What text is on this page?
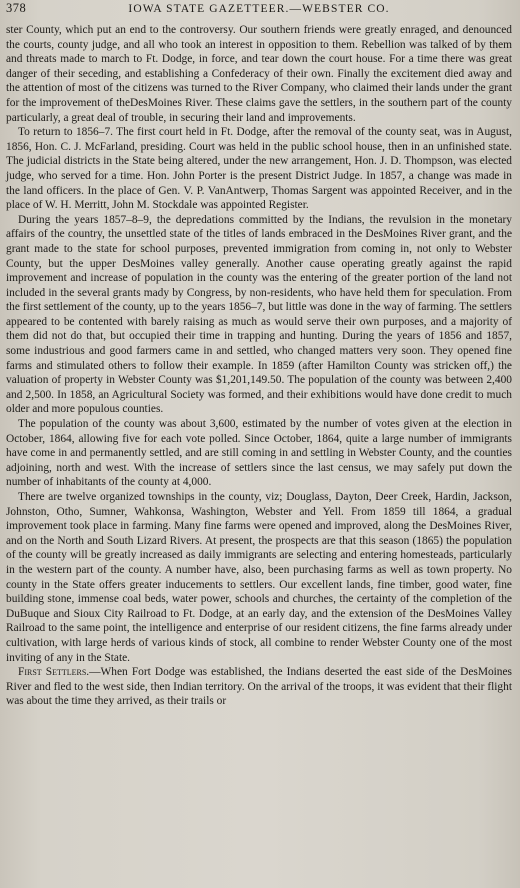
378	IOWA STATE GAZETTEER.—WEBSTER CO.

ster County, which put an end to the controversy. Our southern friends were greatly enraged, and denounced the courts, county judge, and all who took an interest in opposition to them. Rebellion was talked of by them and threats made to march to Ft. Dodge, in force, and tear down the court house. For a time there was great danger of their seceding, and establishing a Confederacy of their own. Finally the excitement died away and the attention of most of the citizens was turned to the River Company, who claimed their lands under the grant for the improvement of theDesMoines River. These claims gave the settlers, in the southern part of the county particularly, a great deal of trouble, in securing their land and improvements.

To return to 1856–7. The first court held in Ft. Dodge, after the removal of the county seat, was in August, 1856, Hon. C. J. McFarland, presiding. Court was held in the public school house, then in an unfinished state. The judicial districts in the State being altered, under the new arrangement, Hon. J. D. Thompson, was elected judge, who served for a time. Hon. John Porter is the present District Judge. In 1857, a change was made in the land officers. In the place of Gen. V. P. VanAntwerp, Thomas Sargent was appointed Receiver, and in the place of W. H. Merritt, John M. Stockdale was appointed Register.

During the years 1857–8–9, the depredations committed by the Indians, the revulsion in the monetary affairs of the country, the unsettled state of the titles of lands embraced in the DesMoines River grant, and the grant made to the state for school purposes, prevented immigration from coming in, not only to Webster County, but the upper DesMoines valley generally. Another cause operating greatly against the rapid improvement and increase of population in the county was the entering of the greater portion of the land not included in the several grants mady by Congress, by non-residents, who have held them for speculation. From the first settlement of the county, up to the years 1856–7, but little was done in the way of farming. The settlers appeared to be contented with barely raising as much as would serve their own purposes, and a majority of them did not do that, but occupied their time in trapping and hunting. During the years of 1856 and 1857, some industrious and good farmers came in and settled, who changed matters very soon. They opened fine farms and stimulated others to follow their example. In 1859 (after Hamilton County was stricken off,) the valuation of property in Webster County was $1,201,149.50. The population of the county was between 2,400 and 2,500. In 1858, an Agricultural Society was formed, and their exhibitions would have done credit to much older and more populous counties.

The population of the county was about 3,600, estimated by the number of votes given at the election in October, 1864, allowing five for each vote polled. Since October, 1864, quite a large number of immigrants have come in and permanently settled, and are still coming in and settling in Webster County, and the counties adjoining, north and west. With the increase of settlers since the last census, we may safely put down the number of inhabitants of the county at 4,000.

There are twelve organized townships in the county, viz; Douglass, Dayton, Deer Creek, Hardin, Jackson, Johnston, Otho, Sumner, Wahkonsa, Washington, Webster and Yell. From 1859 till 1864, a gradual improvement took place in farming. Many fine farms were opened and improved, along the DesMoines River, and on the North and South Lizard Rivers. At present, the prospects are that this season (1865) the population of the county will be greatly increased as daily immigrants are selecting and entering homesteads, particularly in the western part of the county. A number have, also, been purchasing farms as well as town property. No county in the State offers greater inducements to settlers. Our excellent lands, fine timber, good water, fine building stone, immense coal beds, water power, schools and churches, the certainty of the completion of the DuBuque and Sioux City Railroad to Ft. Dodge, at an early day, and the extension of the DesMoines Valley Railroad to the same point, the intelligence and enterprise of our resident citizens, the fine farms already under cultivation, with large herds of various kinds of stock, all combine to render Webster County one of the most inviting of any in the State.

First Settlers.—When Fort Dodge was established, the Indians deserted the east side of the DesMoines River and fled to the west side, then Indian territory. On the arrival of the troops, it was evident that their flight was about the time they arrived, as their trails or
